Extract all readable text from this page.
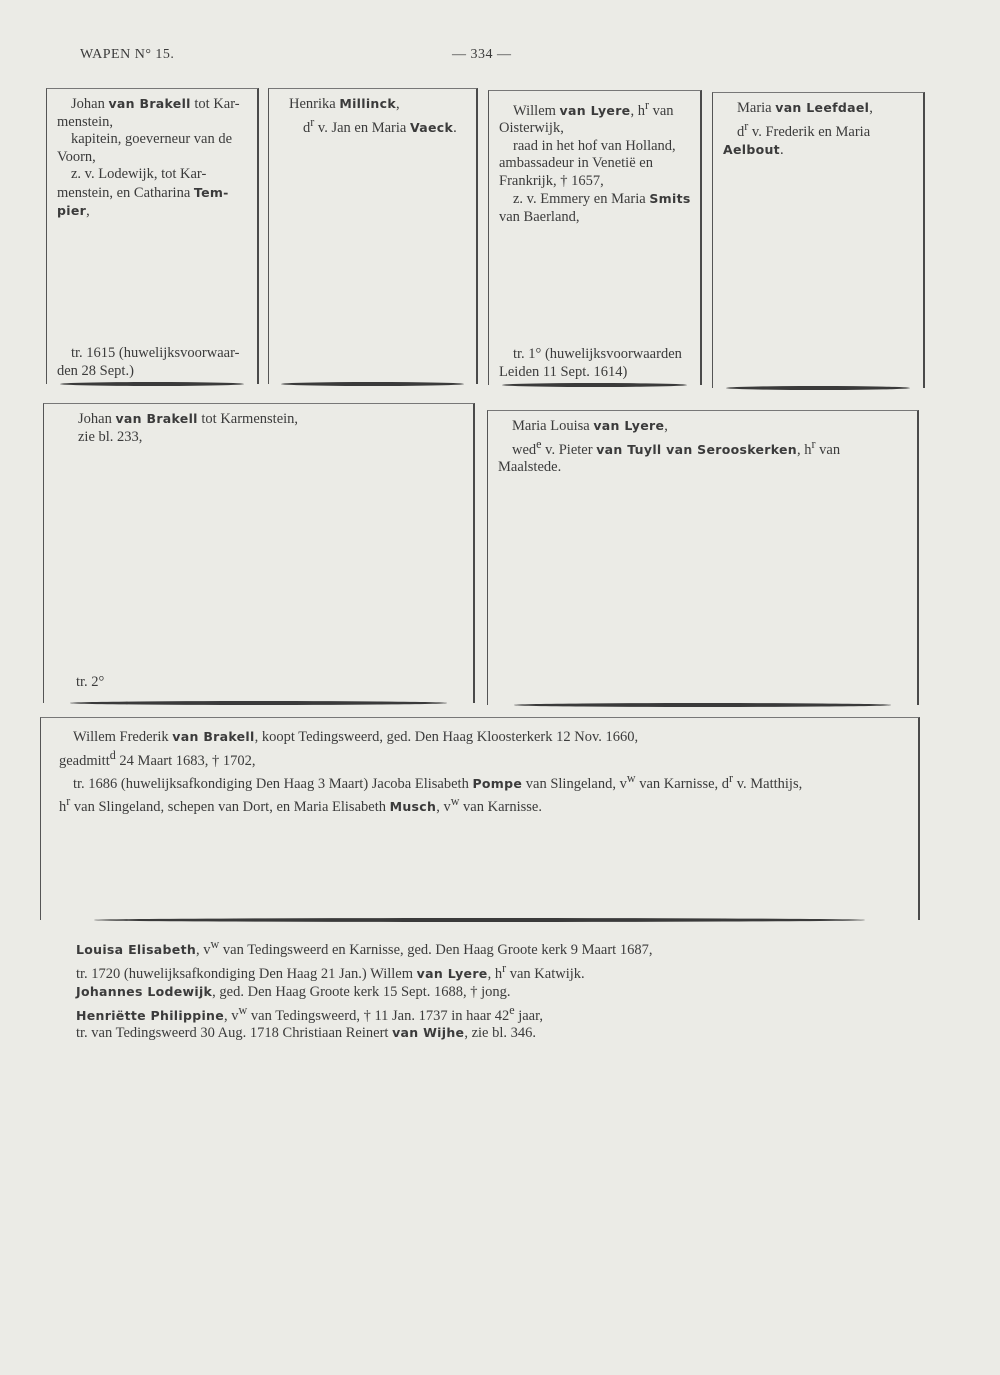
WAPEN N° 15.	— 334 —

Johan van Brakell tot Kar-

menstein,

kapitein, goeverneur van de

Voorn,

z. v. Lodewijk, tot Kar-

menstein, en Catharina Tem-

pier,

tr. 1615 (huwelijksvoorwaar-

den 28 Sept.)

Henrika Millinck,

$d^r$ v. Jan en Maria Vaeck.

Willem van Lyere, $h^r$ van

Oisterwijk,

raad in het hof van Holland,

ambassadeur in Venetië en

Frankrijk, † 1657,

z. v. Emmery en Maria Smits

van Baerland,

tr. 1° (huwelijksvoorwaarden

Leiden 11 Sept. 1614)

Maria van Leefdael,

$d^r$ v. Frederik en Maria

Aelbout.

Johan van Brakell tot Karmenstein,

zie bl. 233,

tr. 2°

Maria Louisa van Lyere,

wed$^e$ v. Pieter van Tuyll van Serooskerken, $h^r$ van

Maalstede.

Willem Frederik van Brakell, koopt Tedingsweerd, ged. Den Haag Kloosterkerk 12 Nov. 1660,

geadmitt$^d$ 24 Maart 1683, † 1702,

tr. 1686 (huwelijksafkondiging Den Haag 3 Maart) Jacoba Elisabeth Pompe van Slingeland, $v^w$ van Karnisse, $d^r$ v. Matthijs,

$h^r$ van Slingeland, schepen van Dort, en Maria Elisabeth Musch, $v^w$ van Karnisse.

Louisa Elisabeth, $v^w$ van Tedingsweerd en Karnisse, ged. Den Haag Groote kerk 9 Maart 1687,

tr. 1720 (huwelijksafkondiging Den Haag 21 Jan.) Willem van Lyere, $h^r$ van Katwijk.

Johannes Lodewijk, ged. Den Haag Groote kerk 15 Sept. 1688, † jong.

Henriëtte Philippine, $v^w$ van Tedingsweerd, † 11 Jan. 1737 in haar 42e jaar,

tr. van Tedingsweerd 30 Aug. 1718 Christiaan Reinert van Wijhe, zie bl. 346.
